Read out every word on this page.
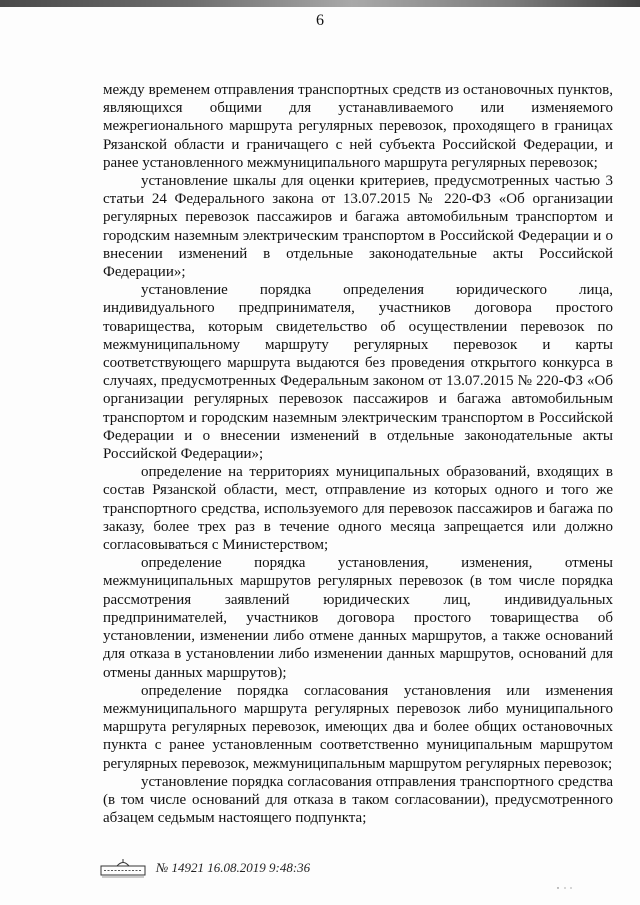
6

между временем отправления транспортных средств из остановочных пунктов, являющихся общими для устанавливаемого или изменяемого межрегионального маршрута регулярных перевозок, проходящего в границах Рязанской области и граничащего с ней субъекта Российской Федерации, и ранее установленного межмуниципального маршрута регулярных перевозок;

установление шкалы для оценки критериев, предусмотренных частью 3 статьи 24 Федерального закона от 13.07.2015 № 220-ФЗ «Об организации регулярных перевозок пассажиров и багажа автомобильным транспортом и городским наземным электрическим транспортом в Российской Федерации и о внесении изменений в отдельные законодательные акты Российской Федерации»;

установление порядка определения юридического лица, индивидуального предпринимателя, участников договора простого товарищества, которым свидетельство об осуществлении перевозок по межмуниципальному маршруту регулярных перевозок и карты соответствующего маршрута выдаются без проведения открытого конкурса в случаях, предусмотренных Федеральным законом от 13.07.2015 № 220-ФЗ «Об организации регулярных перевозок пассажиров и багажа автомобильным транспортом и городским наземным электрическим транспортом в Российской Федерации и о внесении изменений в отдельные законодательные акты Российской Федерации»;

определение на территориях муниципальных образований, входящих в состав Рязанской области, мест, отправление из которых одного и того же транспортного средства, используемого для перевозок пассажиров и багажа по заказу, более трех раз в течение одного месяца запрещается или должно согласовываться с Министерством;

определение порядка установления, изменения, отмены межмуниципальных маршрутов регулярных перевозок (в том числе порядка рассмотрения заявлений юридических лиц, индивидуальных предпринимателей, участников договора простого товарищества об установлении, изменении либо отмене данных маршрутов, а также оснований для отказа в установлении либо изменении данных маршрутов, оснований для отмены данных маршрутов);

определение порядка согласования установления или изменения межмуниципального маршрута регулярных перевозок либо муниципального маршрута регулярных перевозок, имеющих два и более общих остановочных пункта с ранее установленным соответственно муниципальным маршрутом регулярных перевозок, межмуниципальным маршрутом регулярных перевозок;

установление порядка согласования отправления транспортного средства (в том числе оснований для отказа в таком согласовании), предусмотренного абзацем седьмым настоящего подпункта;

№ 14921 16.08.2019 9:48:36
